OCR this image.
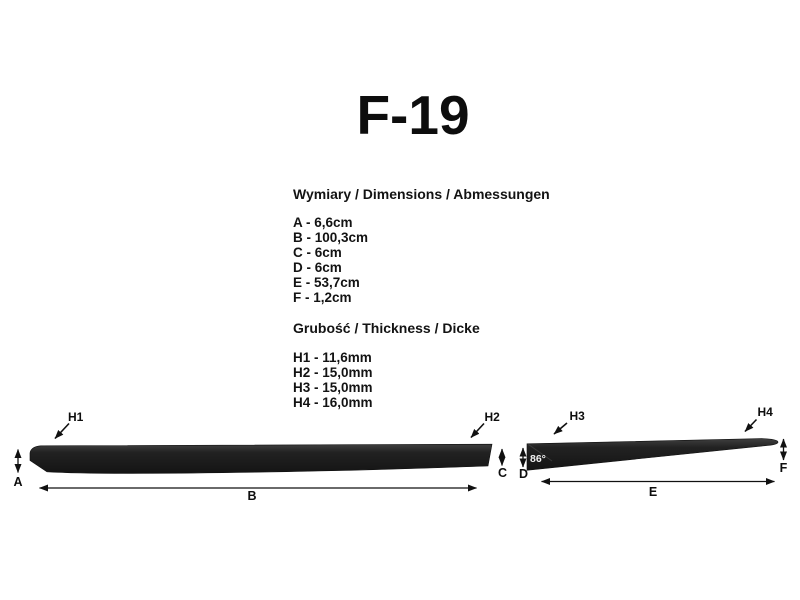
F-19
Wymiary / Dimensions / Abmessungen
A - 6,6cm
B - 100,3cm
C - 6cm
D - 6cm
E - 53,7cm
F - 1,2cm
Grubość / Thickness / Dicke
H1 - 11,6mm
H2 - 15,0mm
H3 - 15,0mm
H4 - 16,0mm
A
B
C D
E
F
H1	H2	H3	H4
86°
